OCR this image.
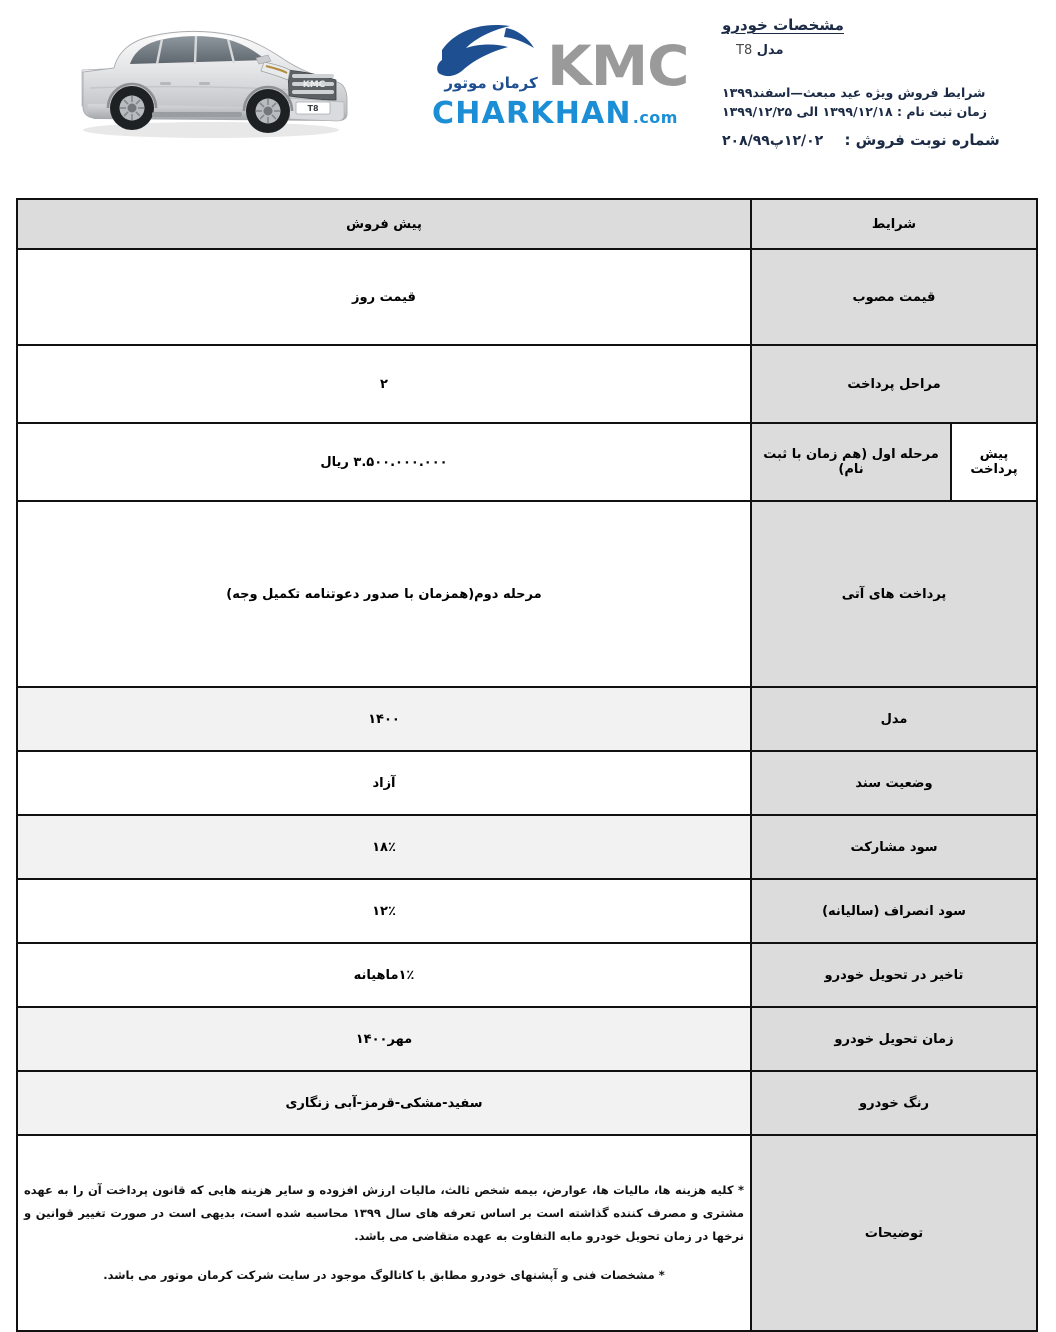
KMC
T8
کرمان موتور KMC
CHARKHAN .com
مشخصات خودرو
مدل T8
شرایط فروش ویژه عید مبعث—اسفند۱۳۹۹
زمان ثبت نام : ۱۳۹۹/۱۲/۱۸ الی ۱۳۹۹/۱۲/۲۵
شماره نوبت فروش : ۱۲/۰۲پ۲۰۸/۹۹
شرایط		پیش فروش
قیمت مصوب		قیمت روز
مراحل پرداخت		۲
پیش پرداخت	مرحله اول (هم زمان با ثبت نام)	۳.۵۰۰.۰۰۰.۰۰۰ ریال
پرداخت های آتی		مرحله دوم(همزمان با صدور دعوتنامه تکمیل وجه)
مدل		۱۴۰۰
وضعیت سند		آزاد
سود مشارکت		۱۸٪
سود انصراف (سالیانه)		۱۲٪
تاخیر در تحویل خودرو		۱٪ماهیانه
زمان تحویل خودرو		مهر۱۴۰۰
رنگ خودرو		سفید-مشکی-قرمز-آبی زنگاری
توضیحات		* کلیه هزینه ها، مالیات ها، عوارض، بیمه شخص ثالث، مالیات ارزش افزوده و سایر هزینه هایی که قانون پرداخت آن را به عهده مشتری و مصرف کننده گذاشته است بر اساس تعرفه های سال ۱۳۹۹ محاسبه شده است، بدیهی است در صورت تغییر قوانین و نرخها در زمان تحویل خودرو مابه التفاوت به عهده متقاضی می باشد.

* مشخصات فنی و آپشنهای خودرو مطابق با کاتالوگ موجود در سایت شرکت کرمان موتور می باشد.
